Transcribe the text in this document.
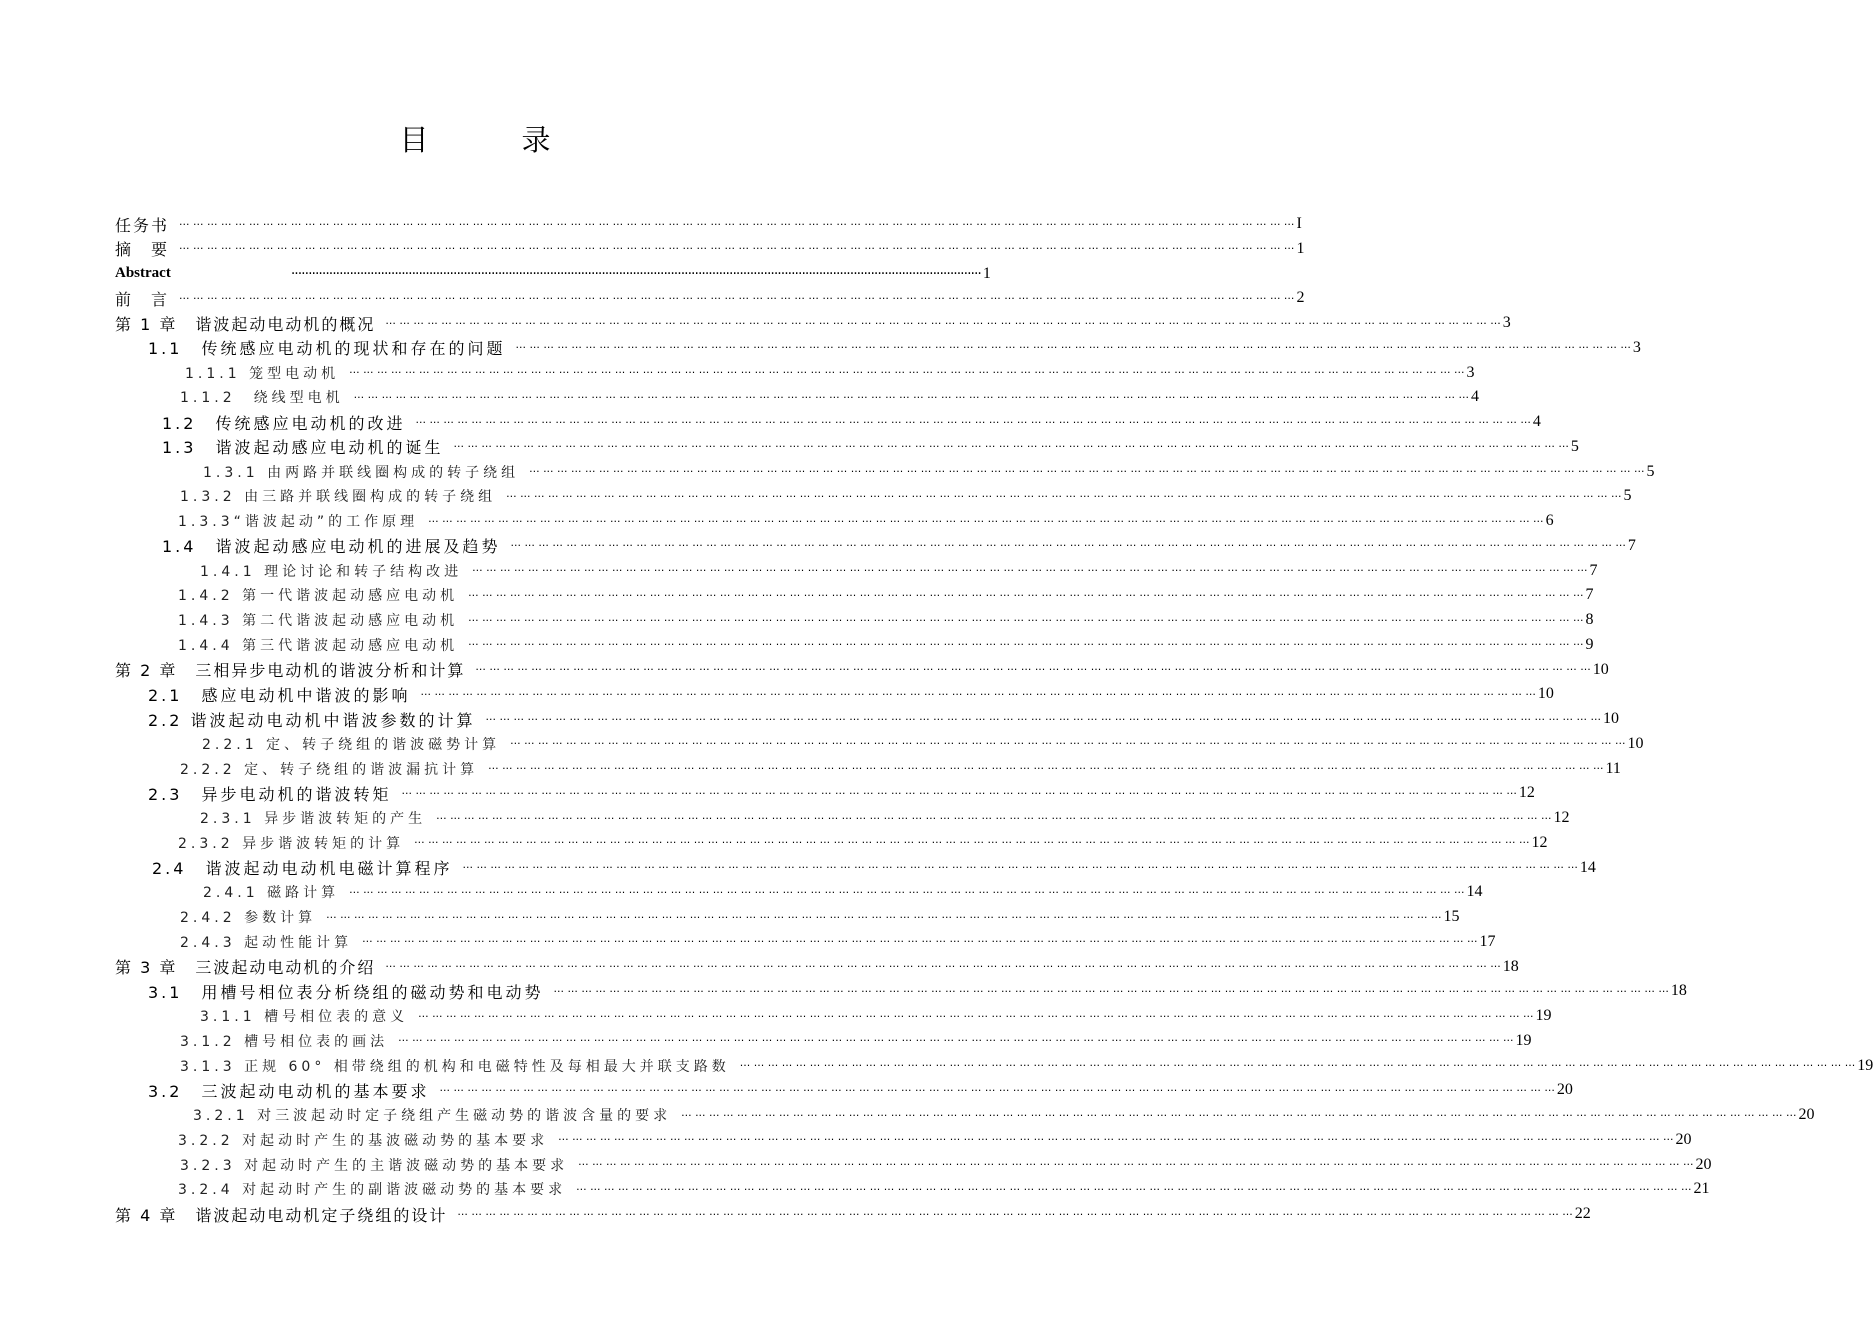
目　录
任务书 ··· ··· ··· ··· ··· ··· ··· ··· ··· ··· ··· ··· ··· ··· ··· ··· ··· ··· ··· ··· ··· ··· ··· ··· ··· ··· ··· ··· ··· ··· ··· ··· ··· ··· ··· ··· ··· ··· ··· ··· ··· ··· ··· ··· ··· ··· ··· ··· ··· ··· ··· ··· ··· ··· ··· ··· ··· ··· ··· ··· ··· ··· ··· ··· ··· ··· ··· ··· ··· ··· ··· ··· ··· ··· ··· ··· ··· ··· ··· ··· I
摘　要 ··· ··· ··· ··· ··· ··· ··· ··· ··· ··· ··· ··· ··· ··· ··· ··· ··· ··· ··· ··· ··· ··· ··· ··· ··· ··· ··· ··· ··· ··· ··· ··· ··· ··· ··· ··· ··· ··· ··· ··· ··· ··· ··· ··· ··· ··· ··· ··· ··· ··· ··· ··· ··· ··· ··· ··· ··· ··· ··· ··· ··· ··· ··· ··· ··· ··· ··· ··· ··· ··· ··· ··· ··· ··· ··· ··· ··· ··· ··· ··· 1
Abstract	········································································································································································································ 1
前　言 ··· ··· ··· ··· ··· ··· ··· ··· ··· ··· ··· ··· ··· ··· ··· ··· ··· ··· ··· ··· ··· ··· ··· ··· ··· ··· ··· ··· ··· ··· ··· ··· ··· ··· ··· ··· ··· ··· ··· ··· ··· ··· ··· ··· ··· ··· ··· ··· ··· ··· ··· ··· ··· ··· ··· ··· ··· ··· ··· ··· ··· ··· ··· ··· ··· ··· ··· ··· ··· ··· ··· ··· ··· ··· ··· ··· ··· ··· ··· ··· 2
第 1 章　谐波起动电动机的概况 ··· ··· ··· ··· ··· ··· ··· ··· ··· ··· ··· ··· ··· ··· ··· ··· ··· ··· ··· ··· ··· ··· ··· ··· ··· ··· ··· ··· ··· ··· ··· ··· ··· ··· ··· ··· ··· ··· ··· ··· ··· ··· ··· ··· ··· ··· ··· ··· ··· ··· ··· ··· ··· ··· ··· ··· ··· ··· ··· ··· ··· ··· ··· ··· ··· ··· ··· ··· ··· ··· ··· ··· ··· ··· ··· ··· ··· ··· ··· ··· 3
1.1　传统感应电动机的现状和存在的问题 ··· ··· ··· ··· ··· ··· ··· ··· ··· ··· ··· ··· ··· ··· ··· ··· ··· ··· ··· ··· ··· ··· ··· ··· ··· ··· ··· ··· ··· ··· ··· ··· ··· ··· ··· ··· ··· ··· ··· ··· ··· ··· ··· ··· ··· ··· ··· ··· ··· ··· ··· ··· ··· ··· ··· ··· ··· ··· ··· ··· ··· ··· ··· ··· ··· ··· ··· ··· ··· ··· ··· ··· ··· ··· ··· ··· ··· ··· ··· ··· 3
1.1.1 笼型电动机 ··· ··· ··· ··· ··· ··· ··· ··· ··· ··· ··· ··· ··· ··· ··· ··· ··· ··· ··· ··· ··· ··· ··· ··· ··· ··· ··· ··· ··· ··· ··· ··· ··· ··· ··· ··· ··· ··· ··· ··· ··· ··· ··· ··· ··· ··· ··· ··· ··· ··· ··· ··· ··· ··· ··· ··· ··· ··· ··· ··· ··· ··· ··· ··· ··· ··· ··· ··· ··· ··· ··· ··· ··· ··· ··· ··· ··· ··· ··· ··· 3
1.1.2　绕线型电机 ··· ··· ··· ··· ··· ··· ··· ··· ··· ··· ··· ··· ··· ··· ··· ··· ··· ··· ··· ··· ··· ··· ··· ··· ··· ··· ··· ··· ··· ··· ··· ··· ··· ··· ··· ··· ··· ··· ··· ··· ··· ··· ··· ··· ··· ··· ··· ··· ··· ··· ··· ··· ··· ··· ··· ··· ··· ··· ··· ··· ··· ··· ··· ··· ··· ··· ··· ··· ··· ··· ··· ··· ··· ··· ··· ··· ··· ··· ··· ··· 4
1.2　传统感应电动机的改进 ··· ··· ··· ··· ··· ··· ··· ··· ··· ··· ··· ··· ··· ··· ··· ··· ··· ··· ··· ··· ··· ··· ··· ··· ··· ··· ··· ··· ··· ··· ··· ··· ··· ··· ··· ··· ··· ··· ··· ··· ··· ··· ··· ··· ··· ··· ··· ··· ··· ··· ··· ··· ··· ··· ··· ··· ··· ··· ··· ··· ··· ··· ··· ··· ··· ··· ··· ··· ··· ··· ··· ··· ··· ··· ··· ··· ··· ··· ··· ··· 4
1.3　谐波起动感应电动机的诞生 ··· ··· ··· ··· ··· ··· ··· ··· ··· ··· ··· ··· ··· ··· ··· ··· ··· ··· ··· ··· ··· ··· ··· ··· ··· ··· ··· ··· ··· ··· ··· ··· ··· ··· ··· ··· ··· ··· ··· ··· ··· ··· ··· ··· ··· ··· ··· ··· ··· ··· ··· ··· ··· ··· ··· ··· ··· ··· ··· ··· ··· ··· ··· ··· ··· ··· ··· ··· ··· ··· ··· ··· ··· ··· ··· ··· ··· ··· ··· ··· 5
1.3.1 由两路并联线圈构成的转子绕组 ··· ··· ··· ··· ··· ··· ··· ··· ··· ··· ··· ··· ··· ··· ··· ··· ··· ··· ··· ··· ··· ··· ··· ··· ··· ··· ··· ··· ··· ··· ··· ··· ··· ··· ··· ··· ··· ··· ··· ··· ··· ··· ··· ··· ··· ··· ··· ··· ··· ··· ··· ··· ··· ··· ··· ··· ··· ··· ··· ··· ··· ··· ··· ··· ··· ··· ··· ··· ··· ··· ··· ··· ··· ··· ··· ··· ··· ··· ··· ··· 5
1.3.2 由三路并联线圈构成的转子绕组 ··· ··· ··· ··· ··· ··· ··· ··· ··· ··· ··· ··· ··· ··· ··· ··· ··· ··· ··· ··· ··· ··· ··· ··· ··· ··· ··· ··· ··· ··· ··· ··· ··· ··· ··· ··· ··· ··· ··· ··· ··· ··· ··· ··· ··· ··· ··· ··· ··· ··· ··· ··· ··· ··· ··· ··· ··· ··· ··· ··· ··· ··· ··· ··· ··· ··· ··· ··· ··· ··· ··· ··· ··· ··· ··· ··· ··· ··· ··· ··· 5
1.3.3“谐波起动”的工作原理 ··· ··· ··· ··· ··· ··· ··· ··· ··· ··· ··· ··· ··· ··· ··· ··· ··· ··· ··· ··· ··· ··· ··· ··· ··· ··· ··· ··· ··· ··· ··· ··· ··· ··· ··· ··· ··· ··· ··· ··· ··· ··· ··· ··· ··· ··· ··· ··· ··· ··· ··· ··· ··· ··· ··· ··· ··· ··· ··· ··· ··· ··· ··· ··· ··· ··· ··· ··· ··· ··· ··· ··· ··· ··· ··· ··· ··· ··· ··· ··· 6
1.4　谐波起动感应电动机的进展及趋势 ··· ··· ··· ··· ··· ··· ··· ··· ··· ··· ··· ··· ··· ··· ··· ··· ··· ··· ··· ··· ··· ··· ··· ··· ··· ··· ··· ··· ··· ··· ··· ··· ··· ··· ··· ··· ··· ··· ··· ··· ··· ··· ··· ··· ··· ··· ··· ··· ··· ··· ··· ··· ··· ··· ··· ··· ··· ··· ··· ··· ··· ··· ··· ··· ··· ··· ··· ··· ··· ··· ··· ··· ··· ··· ··· ··· ··· ··· ··· ··· 7
1.4.1 理论讨论和转子结构改进 ··· ··· ··· ··· ··· ··· ··· ··· ··· ··· ··· ··· ··· ··· ··· ··· ··· ··· ··· ··· ··· ··· ··· ··· ··· ··· ··· ··· ··· ··· ··· ··· ··· ··· ··· ··· ··· ··· ··· ··· ··· ··· ··· ··· ··· ··· ··· ··· ··· ··· ··· ··· ··· ··· ··· ··· ··· ··· ··· ··· ··· ··· ··· ··· ··· ··· ··· ··· ··· ··· ··· ··· ··· ··· ··· ··· ··· ··· ··· ··· 7
1.4.2 第一代谐波起动感应电动机 ··· ··· ··· ··· ··· ··· ··· ··· ··· ··· ··· ··· ··· ··· ··· ··· ··· ··· ··· ··· ··· ··· ··· ··· ··· ··· ··· ··· ··· ··· ··· ··· ··· ··· ··· ··· ··· ··· ··· ··· ··· ··· ··· ··· ··· ··· ··· ··· ··· ··· ··· ··· ··· ··· ··· ··· ··· ··· ··· ··· ··· ··· ··· ··· ··· ··· ··· ··· ··· ··· ··· ··· ··· ··· ··· ··· ··· ··· ··· ··· 7
1.4.3 第二代谐波起动感应电动机 ··· ··· ··· ··· ··· ··· ··· ··· ··· ··· ··· ··· ··· ··· ··· ··· ··· ··· ··· ··· ··· ··· ··· ··· ··· ··· ··· ··· ··· ··· ··· ··· ··· ··· ··· ··· ··· ··· ··· ··· ··· ··· ··· ··· ··· ··· ··· ··· ··· ··· ··· ··· ··· ··· ··· ··· ··· ··· ··· ··· ··· ··· ··· ··· ··· ··· ··· ··· ··· ··· ··· ··· ··· ··· ··· ··· ··· ··· ··· ··· 8
1.4.4 第三代谐波起动感应电动机 ··· ··· ··· ··· ··· ··· ··· ··· ··· ··· ··· ··· ··· ··· ··· ··· ··· ··· ··· ··· ··· ··· ··· ··· ··· ··· ··· ··· ··· ··· ··· ··· ··· ··· ··· ··· ··· ··· ··· ··· ··· ··· ··· ··· ··· ··· ··· ··· ··· ··· ··· ··· ··· ··· ··· ··· ··· ··· ··· ··· ··· ··· ··· ··· ··· ··· ··· ··· ··· ··· ··· ··· ··· ··· ··· ··· ··· ··· ··· ··· 9
第 2 章　三相异步电动机的谐波分析和计算 ··· ··· ··· ··· ··· ··· ··· ··· ··· ··· ··· ··· ··· ··· ··· ··· ··· ··· ··· ··· ··· ··· ··· ··· ··· ··· ··· ··· ··· ··· ··· ··· ··· ··· ··· ··· ··· ··· ··· ··· ··· ··· ··· ··· ··· ··· ··· ··· ··· ··· ··· ··· ··· ··· ··· ··· ··· ··· ··· ··· ··· ··· ··· ··· ··· ··· ··· ··· ··· ··· ··· ··· ··· ··· ··· ··· ··· ··· ··· ··· 10
2.1　感应电动机中谐波的影响 ··· ··· ··· ··· ··· ··· ··· ··· ··· ··· ··· ··· ··· ··· ··· ··· ··· ··· ··· ··· ··· ··· ··· ··· ··· ··· ··· ··· ··· ··· ··· ··· ··· ··· ··· ··· ··· ··· ··· ··· ··· ··· ··· ··· ··· ··· ··· ··· ··· ··· ··· ··· ··· ··· ··· ··· ··· ··· ··· ··· ··· ··· ··· ··· ··· ··· ··· ··· ··· ··· ··· ··· ··· ··· ··· ··· ··· ··· ··· ··· 10
2.2 谐波起动电动机中谐波参数的计算 ··· ··· ··· ··· ··· ··· ··· ··· ··· ··· ··· ··· ··· ··· ··· ··· ··· ··· ··· ··· ··· ··· ··· ··· ··· ··· ··· ··· ··· ··· ··· ··· ··· ··· ··· ··· ··· ··· ··· ··· ··· ··· ··· ··· ··· ··· ··· ··· ··· ··· ··· ··· ··· ··· ··· ··· ··· ··· ··· ··· ··· ··· ··· ··· ··· ··· ··· ··· ··· ··· ··· ··· ··· ··· ··· ··· ··· ··· ··· ··· 10
2.2.1 定、转子绕组的谐波磁势计算 ··· ··· ··· ··· ··· ··· ··· ··· ··· ··· ··· ··· ··· ··· ··· ··· ··· ··· ··· ··· ··· ··· ··· ··· ··· ··· ··· ··· ··· ··· ··· ··· ··· ··· ··· ··· ··· ··· ··· ··· ··· ··· ··· ··· ··· ··· ··· ··· ··· ··· ··· ··· ··· ··· ··· ··· ··· ··· ··· ··· ··· ··· ··· ··· ··· ··· ··· ··· ··· ··· ··· ··· ··· ··· ··· ··· ··· ··· ··· ··· 10
2.2.2 定、转子绕组的谐波漏抗计算 ··· ··· ··· ··· ··· ··· ··· ··· ··· ··· ··· ··· ··· ··· ··· ··· ··· ··· ··· ··· ··· ··· ··· ··· ··· ··· ··· ··· ··· ··· ··· ··· ··· ··· ··· ··· ··· ··· ··· ··· ··· ··· ··· ··· ··· ··· ··· ··· ··· ··· ··· ··· ··· ··· ··· ··· ··· ··· ··· ··· ··· ··· ··· ··· ··· ··· ··· ··· ··· ··· ··· ··· ··· ··· ··· ··· ··· ··· ··· ··· 11
2.3　异步电动机的谐波转矩 ··· ··· ··· ··· ··· ··· ··· ··· ··· ··· ··· ··· ··· ··· ··· ··· ··· ··· ··· ··· ··· ··· ··· ··· ··· ··· ··· ··· ··· ··· ··· ··· ··· ··· ··· ··· ··· ··· ··· ··· ··· ··· ··· ··· ··· ··· ··· ··· ··· ··· ··· ··· ··· ··· ··· ··· ··· ··· ··· ··· ··· ··· ··· ··· ··· ··· ··· ··· ··· ··· ··· ··· ··· ··· ··· ··· ··· ··· ··· ··· 12
2.3.1 异步谐波转矩的产生 ··· ··· ··· ··· ··· ··· ··· ··· ··· ··· ··· ··· ··· ··· ··· ··· ··· ··· ··· ··· ··· ··· ··· ··· ··· ··· ··· ··· ··· ··· ··· ··· ··· ··· ··· ··· ··· ··· ··· ··· ··· ··· ··· ··· ··· ··· ··· ··· ··· ··· ··· ··· ··· ··· ··· ··· ··· ··· ··· ··· ··· ··· ··· ··· ··· ··· ··· ··· ··· ··· ··· ··· ··· ··· ··· ··· ··· ··· ··· ··· 12
2.3.2 异步谐波转矩的计算 ··· ··· ··· ··· ··· ··· ··· ··· ··· ··· ··· ··· ··· ··· ··· ··· ··· ··· ··· ··· ··· ··· ··· ··· ··· ··· ··· ··· ··· ··· ··· ··· ··· ··· ··· ··· ··· ··· ··· ··· ··· ··· ··· ··· ··· ··· ··· ··· ··· ··· ··· ··· ··· ··· ··· ··· ··· ··· ··· ··· ··· ··· ··· ··· ··· ··· ··· ··· ··· ··· ··· ··· ··· ··· ··· ··· ··· ··· ··· ··· 12
2.4　谐波起动电动机电磁计算程序 ··· ··· ··· ··· ··· ··· ··· ··· ··· ··· ··· ··· ··· ··· ··· ··· ··· ··· ··· ··· ··· ··· ··· ··· ··· ··· ··· ··· ··· ··· ··· ··· ··· ··· ··· ··· ··· ··· ··· ··· ··· ··· ··· ··· ··· ··· ··· ··· ··· ··· ··· ··· ··· ··· ··· ··· ··· ··· ··· ··· ··· ··· ··· ··· ··· ··· ··· ··· ··· ··· ··· ··· ··· ··· ··· ··· ··· ··· ··· ··· 14
2.4.1 磁路计算 ··· ··· ··· ··· ··· ··· ··· ··· ··· ··· ··· ··· ··· ··· ··· ··· ··· ··· ··· ··· ··· ··· ··· ··· ··· ··· ··· ··· ··· ··· ··· ··· ··· ··· ··· ··· ··· ··· ··· ··· ··· ··· ··· ··· ··· ··· ··· ··· ··· ··· ··· ··· ··· ··· ··· ··· ··· ··· ··· ··· ··· ··· ··· ··· ··· ··· ··· ··· ··· ··· ··· ··· ··· ··· ··· ··· ··· ··· ··· ··· 14
2.4.2 参数计算 ··· ··· ··· ··· ··· ··· ··· ··· ··· ··· ··· ··· ··· ··· ··· ··· ··· ··· ··· ··· ··· ··· ··· ··· ··· ··· ··· ··· ··· ··· ··· ··· ··· ··· ··· ··· ··· ··· ··· ··· ··· ··· ··· ··· ··· ··· ··· ··· ··· ··· ··· ··· ··· ··· ··· ··· ··· ··· ··· ··· ··· ··· ··· ··· ··· ··· ··· ··· ··· ··· ··· ··· ··· ··· ··· ··· ··· ··· ··· ··· 15
2.4.3 起动性能计算 ··· ··· ··· ··· ··· ··· ··· ··· ··· ··· ··· ··· ··· ··· ··· ··· ··· ··· ··· ··· ··· ··· ··· ··· ··· ··· ··· ··· ··· ··· ··· ··· ··· ··· ··· ··· ··· ··· ··· ··· ··· ··· ··· ··· ··· ··· ··· ··· ··· ··· ··· ··· ··· ··· ··· ··· ··· ··· ··· ··· ··· ··· ··· ··· ··· ··· ··· ··· ··· ··· ··· ··· ··· ··· ··· ··· ··· ··· ··· ··· 17
第 3 章　三波起动电动机的介绍 ··· ··· ··· ··· ··· ··· ··· ··· ··· ··· ··· ··· ··· ··· ··· ··· ··· ··· ··· ··· ··· ··· ··· ··· ··· ··· ··· ··· ··· ··· ··· ··· ··· ··· ··· ··· ··· ··· ··· ··· ··· ··· ··· ··· ··· ··· ··· ··· ··· ··· ··· ··· ··· ··· ··· ··· ··· ··· ··· ··· ··· ··· ··· ··· ··· ··· ··· ··· ··· ··· ··· ··· ··· ··· ··· ··· ··· ··· ··· ··· 18
3.1　用槽号相位表分析绕组的磁动势和电动势 ··· ··· ··· ··· ··· ··· ··· ··· ··· ··· ··· ··· ··· ··· ··· ··· ··· ··· ··· ··· ··· ··· ··· ··· ··· ··· ··· ··· ··· ··· ··· ··· ··· ··· ··· ··· ··· ··· ··· ··· ··· ··· ··· ··· ··· ··· ··· ··· ··· ··· ··· ··· ··· ··· ··· ··· ··· ··· ··· ··· ··· ··· ··· ··· ··· ··· ··· ··· ··· ··· ··· ··· ··· ··· ··· ··· ··· ··· ··· ··· 18
3.1.1 槽号相位表的意义 ··· ··· ··· ··· ··· ··· ··· ··· ··· ··· ··· ··· ··· ··· ··· ··· ··· ··· ··· ··· ··· ··· ··· ··· ··· ··· ··· ··· ··· ··· ··· ··· ··· ··· ··· ··· ··· ··· ··· ··· ··· ··· ··· ··· ··· ··· ··· ··· ··· ··· ··· ··· ··· ··· ··· ··· ··· ··· ··· ··· ··· ··· ··· ··· ··· ··· ··· ··· ··· ··· ··· ··· ··· ··· ··· ··· ··· ··· ··· ··· 19
3.1.2 槽号相位表的画法 ··· ··· ··· ··· ··· ··· ··· ··· ··· ··· ··· ··· ··· ··· ··· ··· ··· ··· ··· ··· ··· ··· ··· ··· ··· ··· ··· ··· ··· ··· ··· ··· ··· ··· ··· ··· ··· ··· ··· ··· ··· ··· ··· ··· ··· ··· ··· ··· ··· ··· ··· ··· ··· ··· ··· ··· ··· ··· ··· ··· ··· ··· ··· ··· ··· ··· ··· ··· ··· ··· ··· ··· ··· ··· ··· ··· ··· ··· ··· ··· 19
3.1.3 正规 60° 相带绕组的机构和电磁特性及每相最大并联支路数 ··· ··· ··· ··· ··· ··· ··· ··· ··· ··· ··· ··· ··· ··· ··· ··· ··· ··· ··· ··· ··· ··· ··· ··· ··· ··· ··· ··· ··· ··· ··· ··· ··· ··· ··· ··· ··· ··· ··· ··· ··· ··· ··· ··· ··· ··· ··· ··· ··· ··· ··· ··· ··· ··· ··· ··· ··· ··· ··· ··· ··· ··· ··· ··· ··· ··· ··· ··· ··· ··· ··· ··· ··· ··· ··· ··· ··· ··· ··· ··· 19
3.2　三波起动电动机的基本要求 ··· ··· ··· ··· ··· ··· ··· ··· ··· ··· ··· ··· ··· ··· ··· ··· ··· ··· ··· ··· ··· ··· ··· ··· ··· ··· ··· ··· ··· ··· ··· ··· ··· ··· ··· ··· ··· ··· ··· ··· ··· ··· ··· ··· ··· ··· ··· ··· ··· ··· ··· ··· ··· ··· ··· ··· ··· ··· ··· ··· ··· ··· ··· ··· ··· ··· ··· ··· ··· ··· ··· ··· ··· ··· ··· ··· ··· ··· ··· ··· 20
3.2.1 对三波起动时定子绕组产生磁动势的谐波含量的要求 ··· ··· ··· ··· ··· ··· ··· ··· ··· ··· ··· ··· ··· ··· ··· ··· ··· ··· ··· ··· ··· ··· ··· ··· ··· ··· ··· ··· ··· ··· ··· ··· ··· ··· ··· ··· ··· ··· ··· ··· ··· ··· ··· ··· ··· ··· ··· ··· ··· ··· ··· ··· ··· ··· ··· ··· ··· ··· ··· ··· ··· ··· ··· ··· ··· ··· ··· ··· ··· ··· ··· ··· ··· ··· ··· ··· ··· ··· ··· ··· 20
3.2.2 对起动时产生的基波磁动势的基本要求 ··· ··· ··· ··· ··· ··· ··· ··· ··· ··· ··· ··· ··· ··· ··· ··· ··· ··· ··· ··· ··· ··· ··· ··· ··· ··· ··· ··· ··· ··· ··· ··· ··· ··· ··· ··· ··· ··· ··· ··· ··· ··· ··· ··· ··· ··· ··· ··· ··· ··· ··· ··· ··· ··· ··· ··· ··· ··· ··· ··· ··· ··· ··· ··· ··· ··· ··· ··· ··· ··· ··· ··· ··· ··· ··· ··· ··· ··· ··· ··· 20
3.2.3 对起动时产生的主谐波磁动势的基本要求 ··· ··· ··· ··· ··· ··· ··· ··· ··· ··· ··· ··· ··· ··· ··· ··· ··· ··· ··· ··· ··· ··· ··· ··· ··· ··· ··· ··· ··· ··· ··· ··· ··· ··· ··· ··· ··· ··· ··· ··· ··· ··· ··· ··· ··· ··· ··· ··· ··· ··· ··· ··· ··· ··· ··· ··· ··· ··· ··· ··· ··· ··· ··· ··· ··· ··· ··· ··· ··· ··· ··· ··· ··· ··· ··· ··· ··· ··· ··· ··· 20
3.2.4 对起动时产生的副谐波磁动势的基本要求 ··· ··· ··· ··· ··· ··· ··· ··· ··· ··· ··· ··· ··· ··· ··· ··· ··· ··· ··· ··· ··· ··· ··· ··· ··· ··· ··· ··· ··· ··· ··· ··· ··· ··· ··· ··· ··· ··· ··· ··· ··· ··· ··· ··· ··· ··· ··· ··· ··· ··· ··· ··· ··· ··· ··· ··· ··· ··· ··· ··· ··· ··· ··· ··· ··· ··· ··· ··· ··· ··· ··· ··· ··· ··· ··· ··· ··· ··· ··· ··· 21
第 4 章　谐波起动电动机定子绕组的设计 ··· ··· ··· ··· ··· ··· ··· ··· ··· ··· ··· ··· ··· ··· ··· ··· ··· ··· ··· ··· ··· ··· ··· ··· ··· ··· ··· ··· ··· ··· ··· ··· ··· ··· ··· ··· ··· ··· ··· ··· ··· ··· ··· ··· ··· ··· ··· ··· ··· ··· ··· ··· ··· ··· ··· ··· ··· ··· ··· ··· ··· ··· ··· ··· ··· ··· ··· ··· ··· ··· ··· ··· ··· ··· ··· ··· ··· ··· ··· ··· 22
